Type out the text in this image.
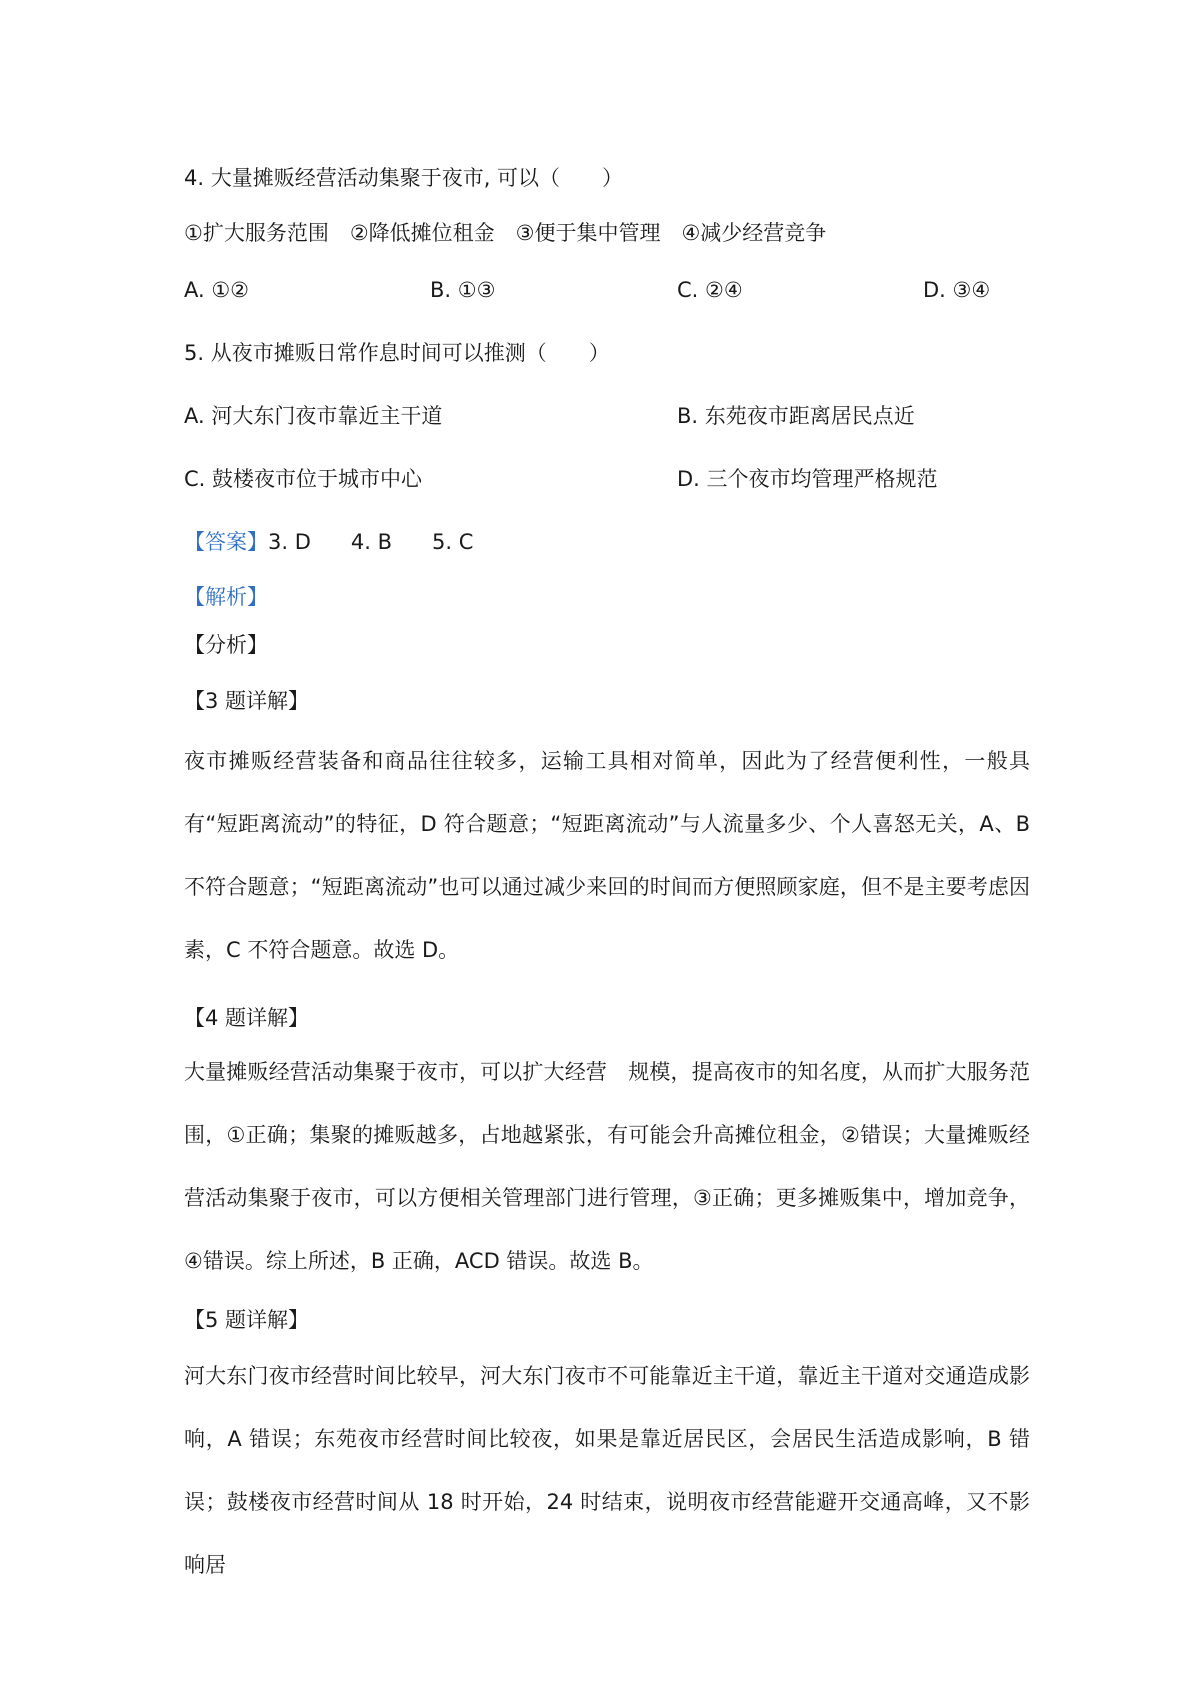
4. 大量摊贩经营活动集聚于夜市, 可以（　　）
①扩大服务范围　②降低摊位租金　③便于集中管理　④减少经营竞争
A. ①②	B. ①③	C. ②④	D. ③④
5. 从夜市摊贩日常作息时间可以推测（　　）
A. 河大东门夜市靠近主干道	B. 东苑夜市距离居民点近
C. 鼓楼夜市位于城市中心	D. 三个夜市均管理严格规范
【答案】3. D 4. B 5. C
【解析】
【分析】
【3 题详解】
夜市摊贩经营装备和商品往往较多，运输工具相对简单，因此为了经营便利性，一般具有“短距离流动”的特征，D 符合题意；“短距离流动”与人流量多少、个人喜怒无关，A、B 不符合题意；“短距离流动”也可以通过减少来回的时间而方便照顾家庭，但不是主要考虑因素，C 不符合题意。故选 D。
【4 题详解】
大量摊贩经营活动集聚于夜市，可以扩大经营　规模，提高夜市的知名度，从而扩大服务范围，①正确；集聚的摊贩越多，占地越紧张，有可能会升高摊位租金，②错误；大量摊贩经营活动集聚于夜市，可以方便相关管理部门进行管理，③正确；更多摊贩集中，增加竞争，④错误。综上所述，B 正确，ACD 错误。故选 B。
【5 题详解】
河大东门夜市经营时间比较早，河大东门夜市不可能靠近主干道，靠近主干道对交通造成影响，A 错误；东苑夜市经营时间比较夜，如果是靠近居民区，会居民生活造成影响，B 错误；鼓楼夜市经营时间从 18 时开始，24 时结束，说明夜市经营能避开交通高峰，又不影响居
